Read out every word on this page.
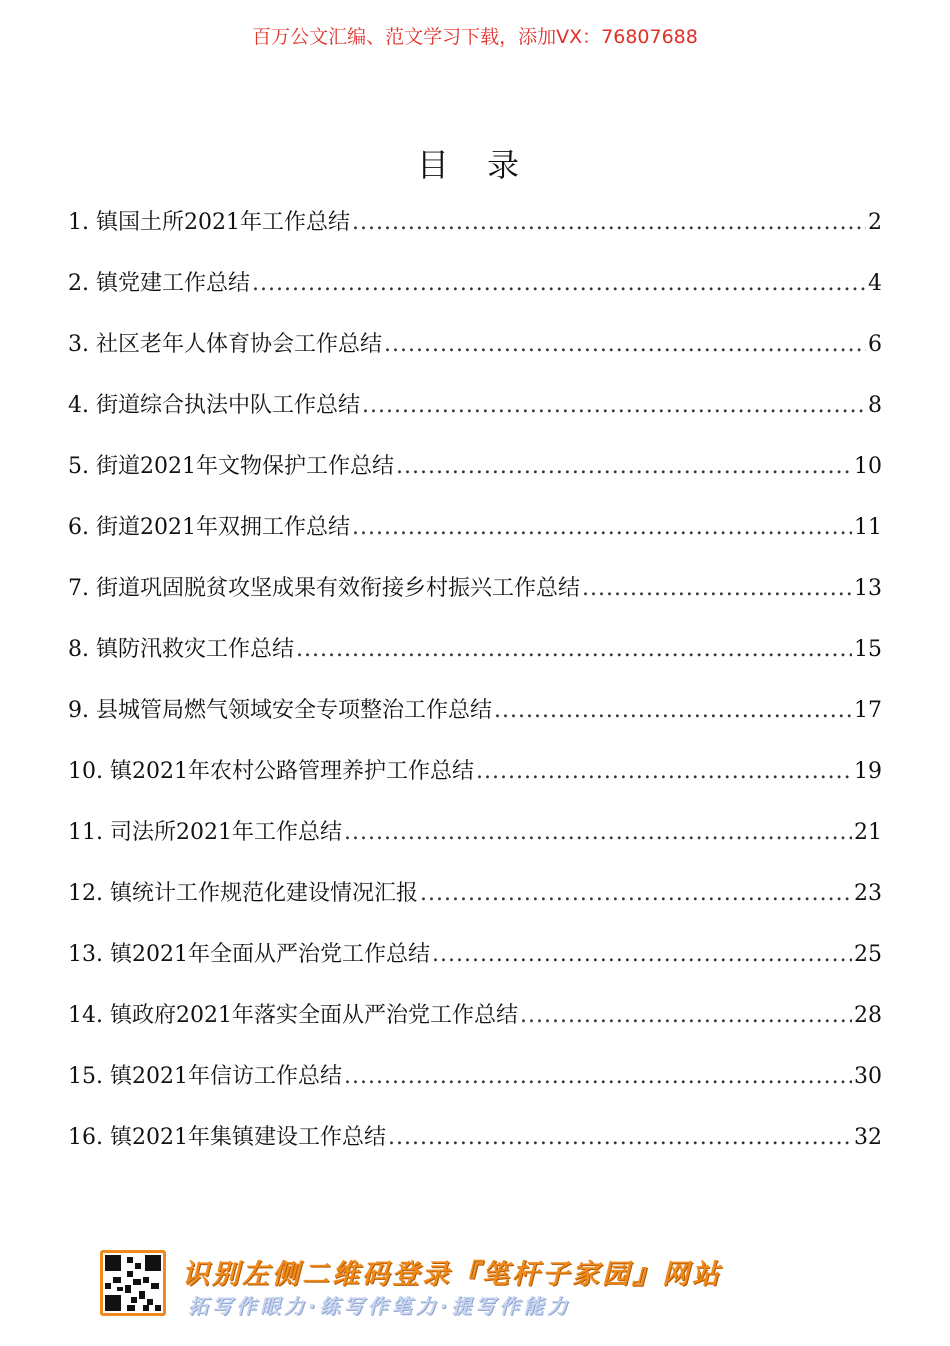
百万公文汇编、范文学习下载，添加VX：76807688
目 录
1. 镇国土所2021年工作总结 .....	2
2. 镇党建工作总结 .....	4
3. 社区老年人体育协会工作总结 .....	6
4. 街道综合执法中队工作总结 .....	8
5. 街道2021年文物保护工作总结 .....	10
6. 街道2021年双拥工作总结 .....	11
7. 街道巩固脱贫攻坚成果有效衔接乡村振兴工作总结 .....	13
8. 镇防汛救灾工作总结 .....	15
9. 县城管局燃气领域安全专项整治工作总结 .....	17
10. 镇2021年农村公路管理养护工作总结 .....	19
11. 司法所2021年工作总结 .....	21
12. 镇统计工作规范化建设情况汇报 .....	23
13. 镇2021年全面从严治党工作总结 .....	25
14. 镇政府2021年落实全面从严治党工作总结 .....	28
15. 镇2021年信访工作总结 .....	30
16. 镇2021年集镇建设工作总结 .....	32
识别左侧二维码登录『笔杆子家园』网站
拓写作眼力·练写作笔力·提写作能力
